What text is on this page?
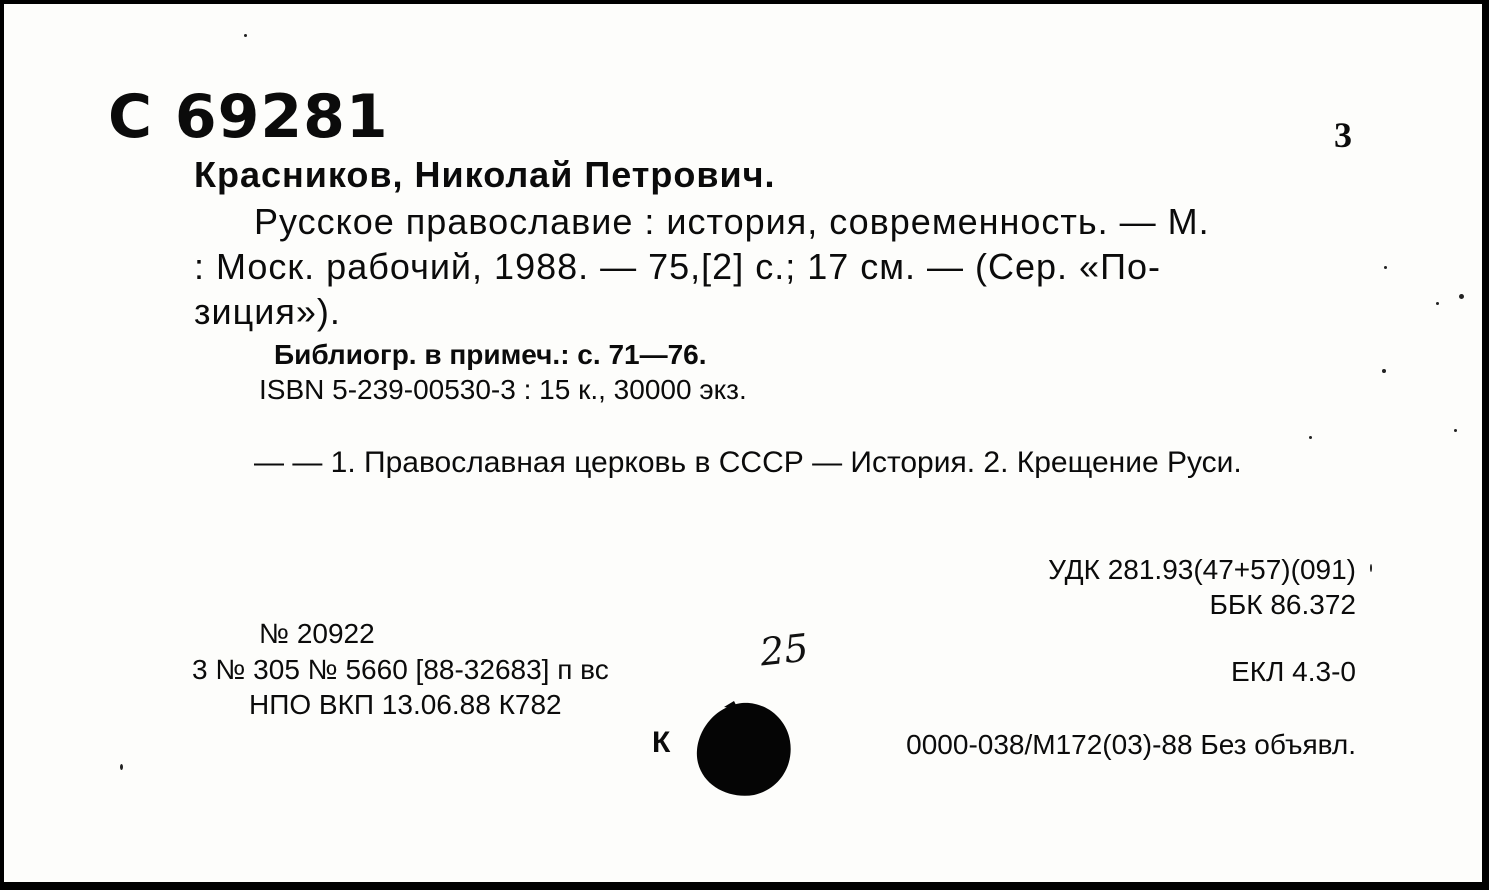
С 69281	3
Красников, Николай Петрович.
Русское православие : история, современность. — М.
: Моск. рабочий, 1988. — 75,[2] с.; 17 см. — (Сер. «По-
зиция»).
Библиогр. в примеч.: с. 71—76.
ISBN 5-239-00530-3 : 15 к., 30000 экз.
— — 1. Православная церковь в СССР — История. 2. Крещение Руси.
УДК 281.93(47+57)(091)
ББК 86.372
№ 20922
3 № 305 № 5660 [88-32683] п вс	25	ЕКЛ 4.3-0
НПО ВКП 13.06.88 К782
К	0000-038/М172(03)-88 Без объявл.
